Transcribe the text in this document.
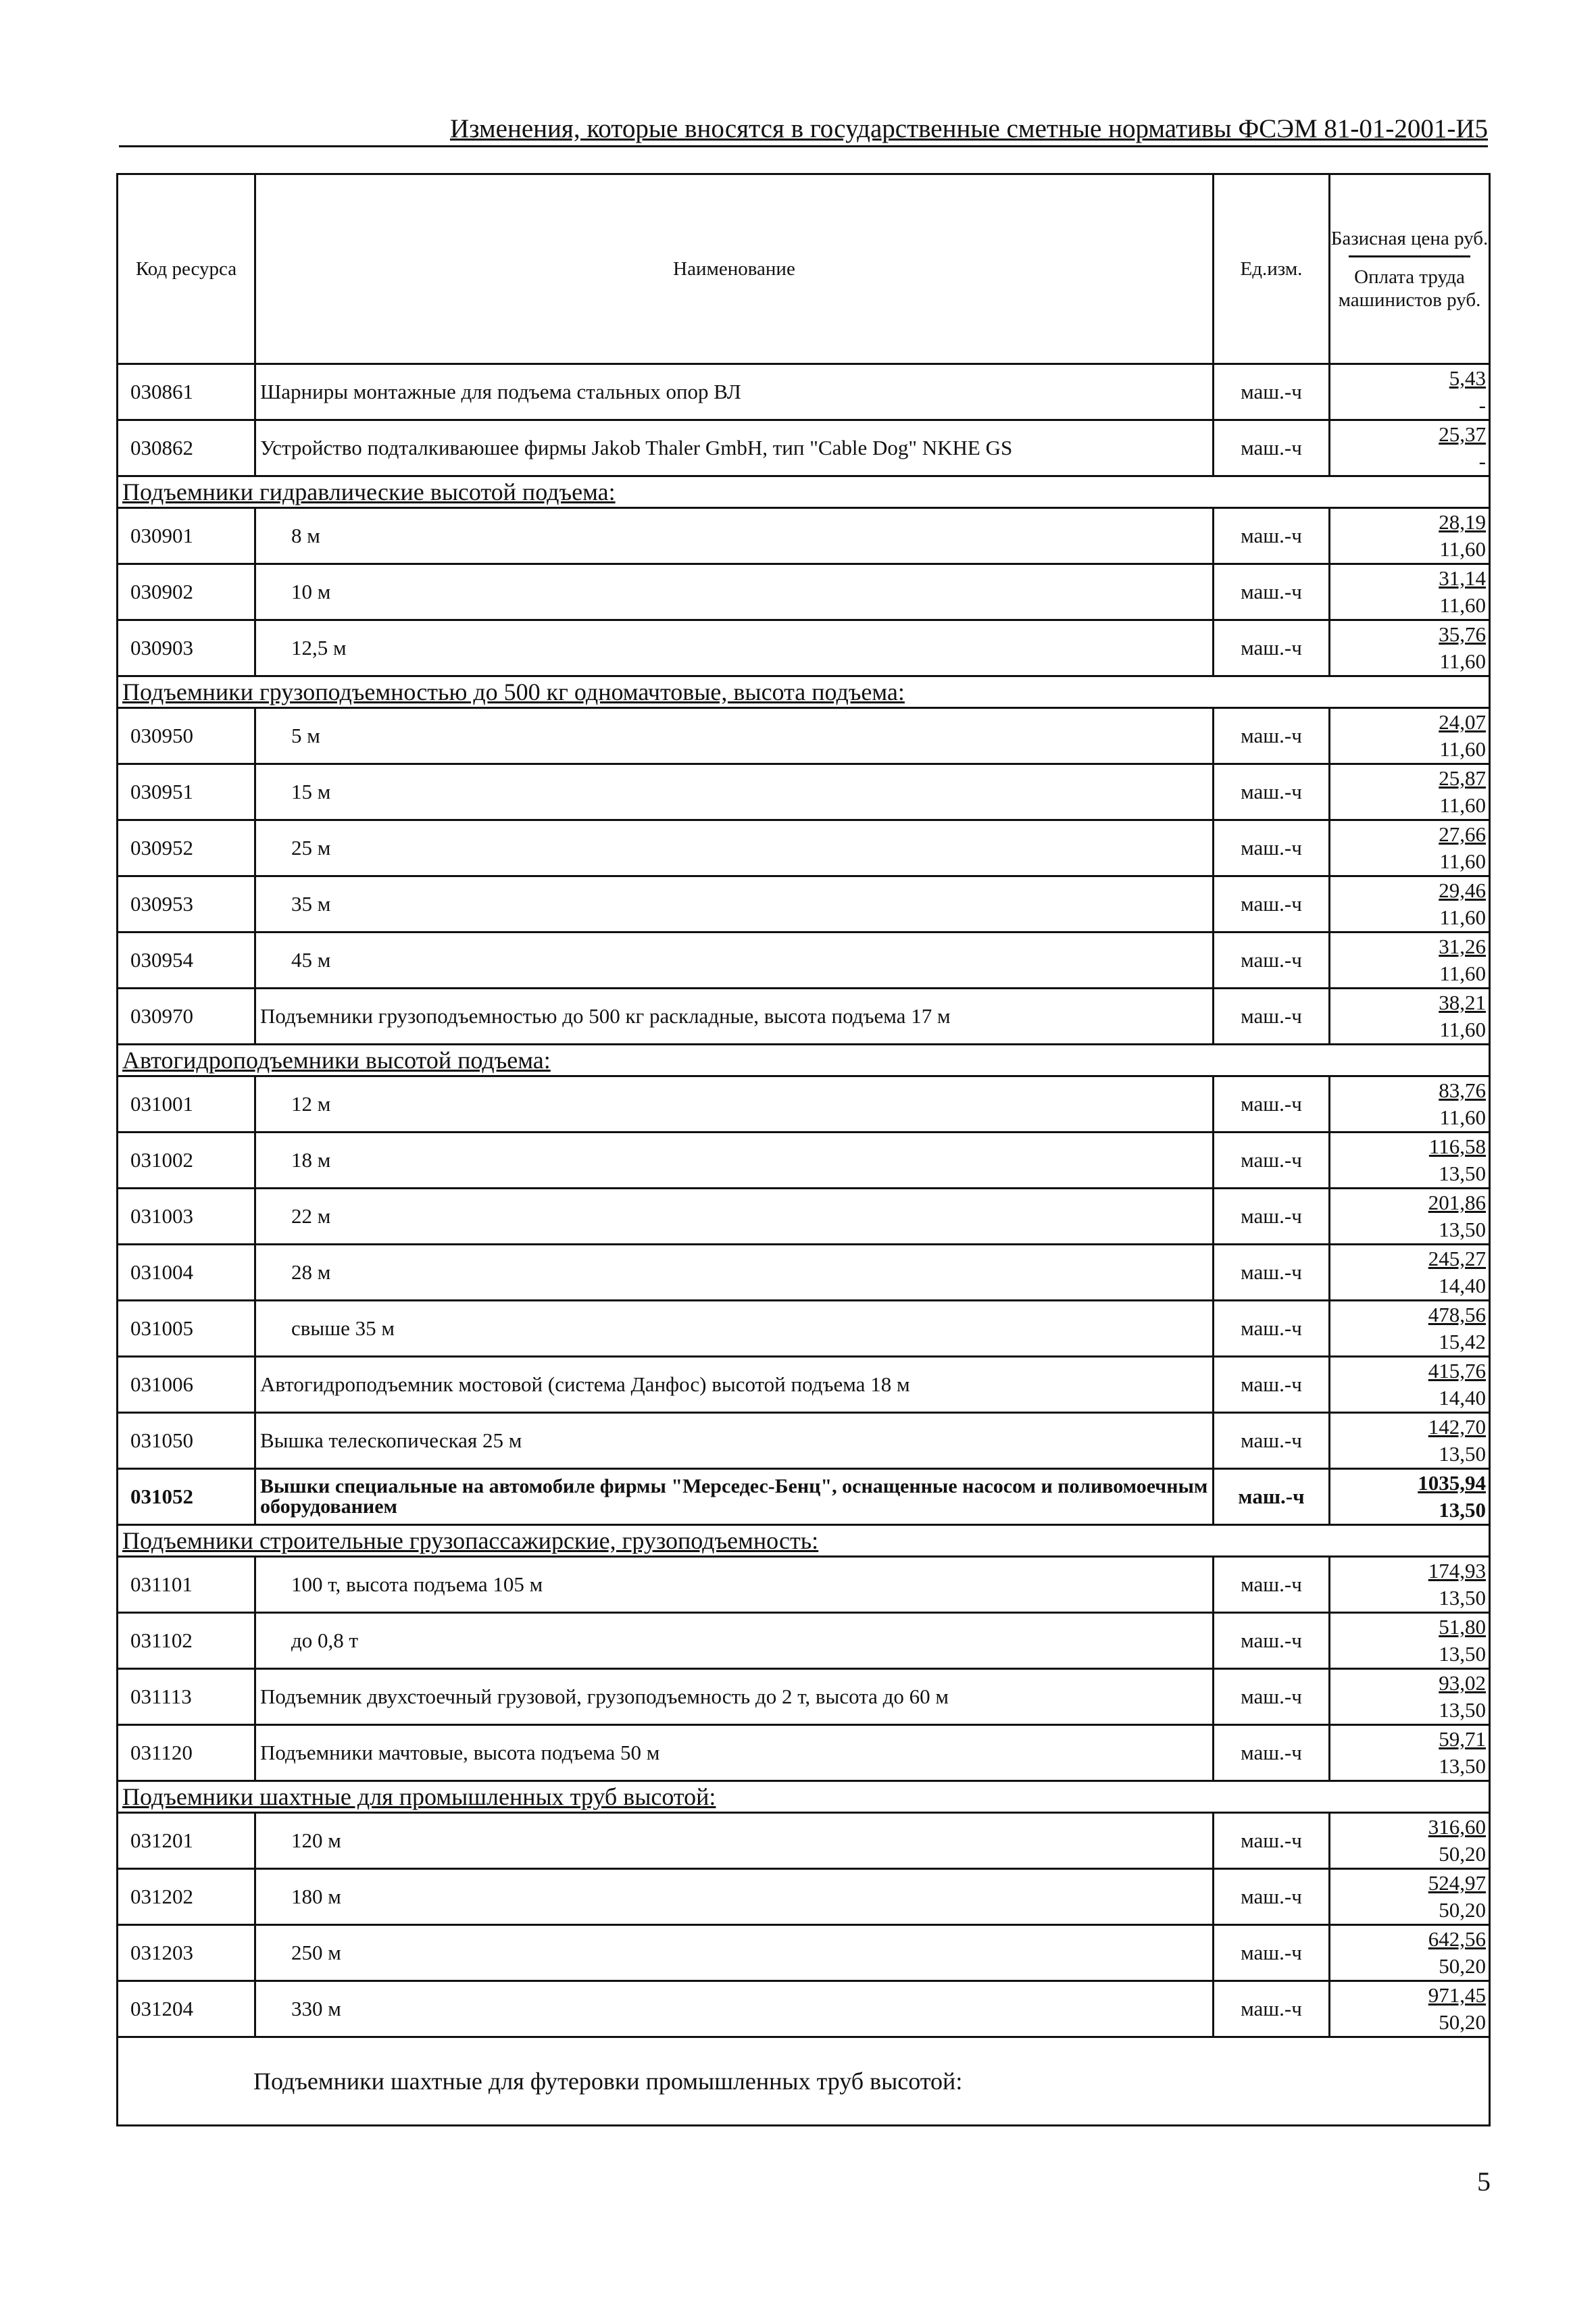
Изменения, которые вносятся в государственные сметные нормативы ФСЭМ 81-01-2001-И5
Код ресурса	Наименование	Ед.изм.	Базисная цена руб.
Оплата труда машинистов руб.

030861	Шарниры монтажные для подъема стальных опор ВЛ	маш.-ч	5,43
-

030862	Устройство подталкиваюшее фирмы Jakob Thaler GmbH, тип "Cable Dog" NKHE GS	маш.-ч	25,37
-

Подъемники гидравлические высотой подъема:			
030901	8 м	маш.-ч	28,19
11,60

030902	10 м	маш.-ч	31,14
11,60

030903	12,5 м	маш.-ч	35,76
11,60

Подъемники грузоподъемностью до 500 кг одномачтовые, высота подъема:			
030950	5 м	маш.-ч	24,07
11,60

030951	15 м	маш.-ч	25,87
11,60

030952	25 м	маш.-ч	27,66
11,60

030953	35 м	маш.-ч	29,46
11,60

030954	45 м	маш.-ч	31,26
11,60

030970	Подъемники грузоподъемностью до 500 кг раскладные, высота подъема 17 м	маш.-ч	38,21
11,60

Автогидроподъемники высотой подъема:			
031001	12 м	маш.-ч	83,76
11,60

031002	18 м	маш.-ч	116,58
13,50

031003	22 м	маш.-ч	201,86
13,50

031004	28 м	маш.-ч	245,27
14,40

031005	свыше 35 м	маш.-ч	478,56
15,42

031006	Автогидроподъемник мостовой (система Данфос) высотой подъема 18 м	маш.-ч	415,76
14,40

031050	Вышка телескопическая 25 м	маш.-ч	142,70
13,50

031052	Вышки специальные на автомобиле фирмы "Мерседес-Бенц", оснащенные насосом и поливомоечным оборудованием	маш.-ч	1035,94
13,50

Подъемники строительные грузопассажирские, грузоподъемность:			
031101	100 т, высота подъема 105 м	маш.-ч	174,93
13,50

031102	до 0,8 т	маш.-ч	51,80
13,50

031113	Подъемник двухстоечный грузовой, грузоподъемность до 2 т, высота до 60 м	маш.-ч	93,02
13,50

031120	Подъемники мачтовые, высота подъема 50 м	маш.-ч	59,71
13,50

Подъемники шахтные для промышленных труб высотой:			
031201	120 м	маш.-ч	316,60
50,20

031202	180 м	маш.-ч	524,97
50,20

031203	250 м	маш.-ч	642,56
50,20

031204	330 м	маш.-ч	971,45
50,20

Подъемники шахтные для футеровки промышленных труб высотой:			
5
